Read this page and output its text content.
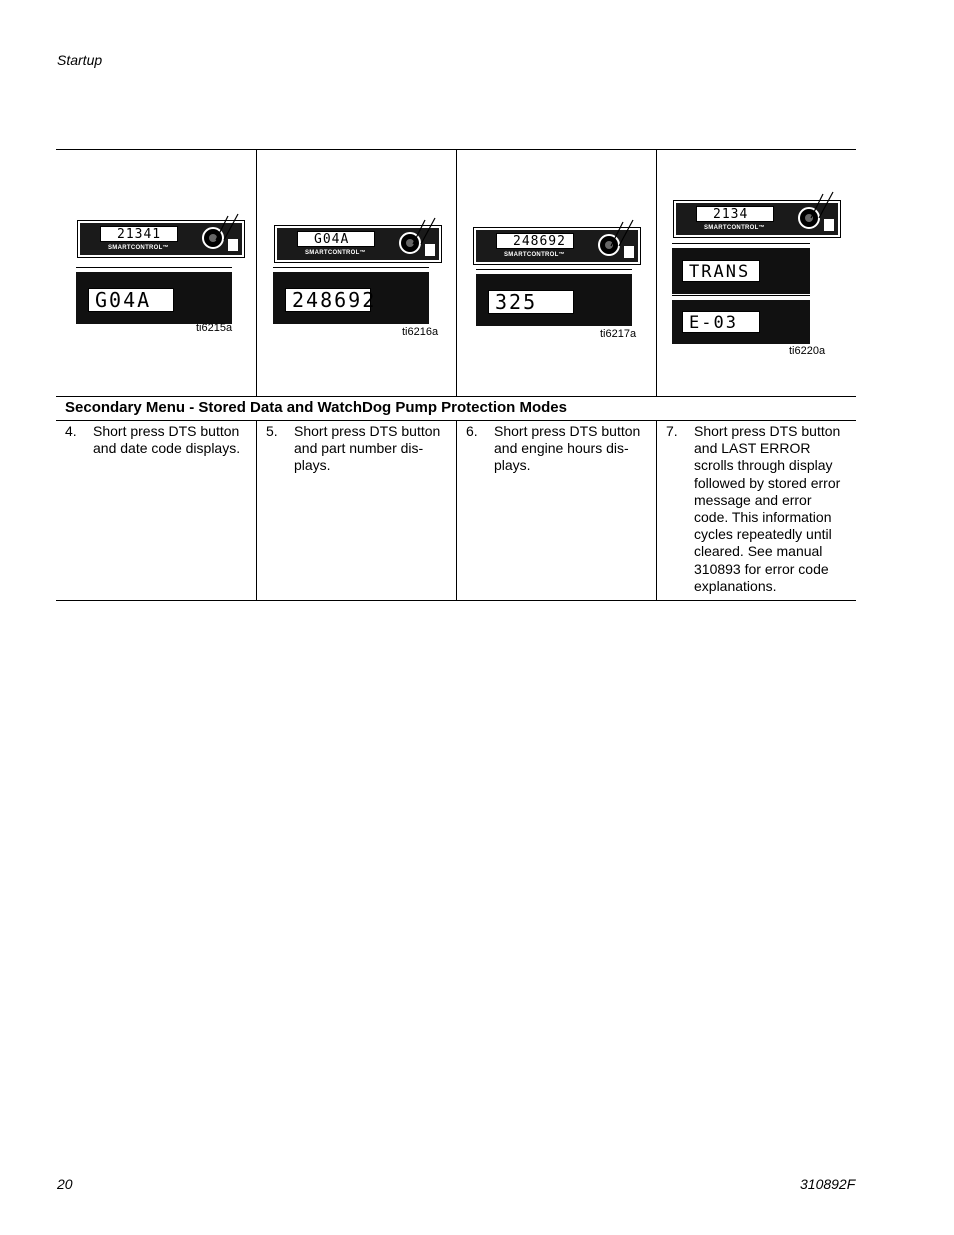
Startup
21341
SMARTCONTROL™
G04A
ti6215a
G04A
SMARTCONTROL™
248692
ti6216a
248692
SMARTCONTROL™
325
ti6217a
2134
SMARTCONTROL™
TRANS
E-03
ti6220a
Secondary Menu - Stored Data and WatchDog Pump Protection Modes
4. Short press DTS button and date code displays.
5. Short press DTS button and part number dis-plays.
6. Short press DTS button and engine hours dis-plays.
7. Short press DTS button and LAST ERROR scrolls through display followed by stored error message and error code. This information cycles repeatedly until cleared. See manual 310893 for error code explanations.
20	310892F
